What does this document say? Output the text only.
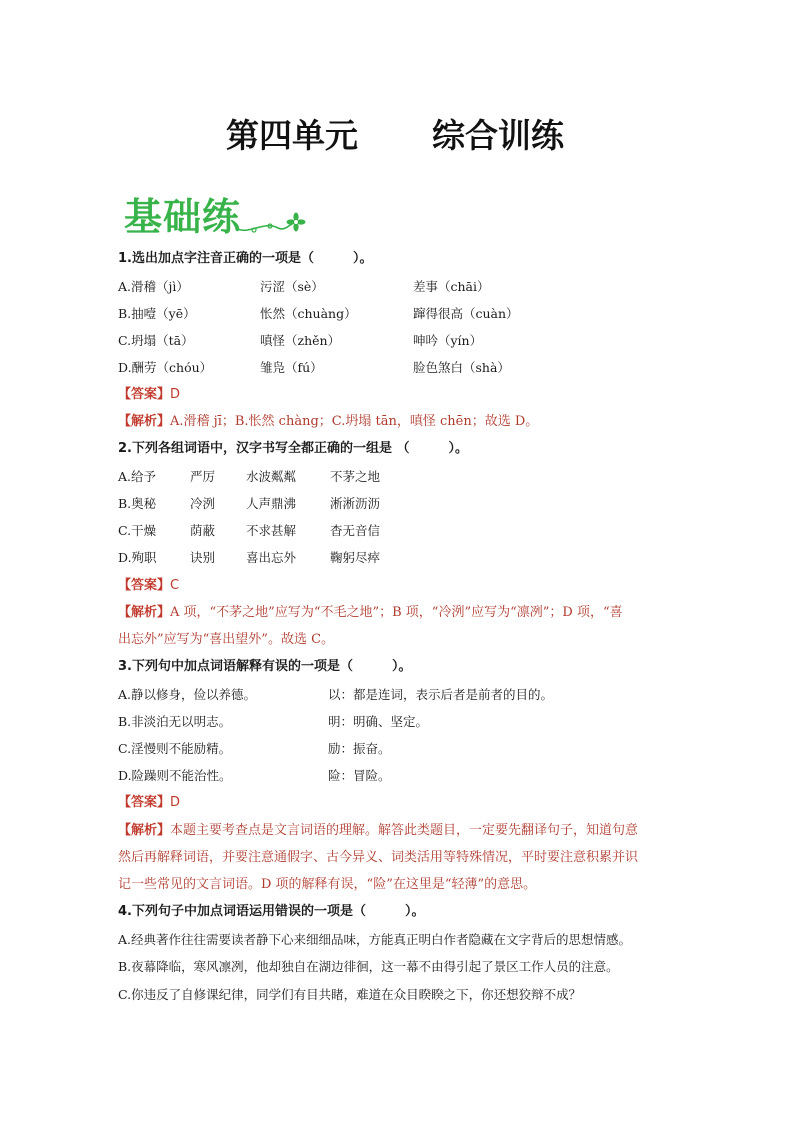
第四单元 综合训练
基础练
1.选出加点字注音正确的一项是（　　　）。
A.滑稽（jì）	污涩（sè）	差事（chāi）
B.抽噎（yē）	怅然（chuàng）	蹿得很高（cuàn）
C.坍塌（tā）	嗔怪（zhěn）	呻吟（yín）
D.酬劳（chóu）	雏凫（fú）	脸色煞白（shà）
【答案】D
【解析】A.滑稽 jī；B.怅然 chàng；C.坍塌 tān，嗔怪 chēn；故选 D。
2.下列各组词语中，汉字书写全都正确的一组是 （　　　）。
A.给予	严厉 水波粼粼	不茅之地
B.奥秘	冷洌 人声鼎沸	淅淅沥沥
C.干燥	荫蔽 不求甚解	杳无音信
D.殉职	诀别 喜出忘外	鞠躬尽瘁
【答案】C
【解析】A 项，“不茅之地”应写为“不毛之地”；B 项，“冷洌”应写为“凛冽”；D 项，“喜
出忘外”应写为“喜出望外”。故选 C。
3.下列句中加点词语解释有误的一项是（　　　）。
A.静以修身，俭以养德。	以：都是连词，表示后者是前者的目的。
B.非淡泊无以明志。	明：明确、坚定。
C.淫慢则不能励精。	励：振奋。
D.险躁则不能治性。	险：冒险。
【答案】D
【解析】本题主要考查点是文言词语的理解。解答此类题目，一定要先翻译句子，知道句意
然后再解释词语，并要注意通假字、古今异义、词类活用等特殊情况，平时要注意积累并识
记一些常见的文言词语。D 项的解释有误，“险”在这里是“轻薄”的意思。
4.下列句子中加点词语运用错误的一项是（　　　）。
A.经典著作往往需要读者静下心来细细品味，方能真正明白作者隐藏在文字背后的思想情感。
B.夜幕降临，寒风凛冽，他却独自在湖边徘徊，这一幕不由得引起了景区工作人员的注意。
C.你违反了自修课纪律，同学们有目共睹，难道在众目睽睽之下，你还想狡辩不成？
